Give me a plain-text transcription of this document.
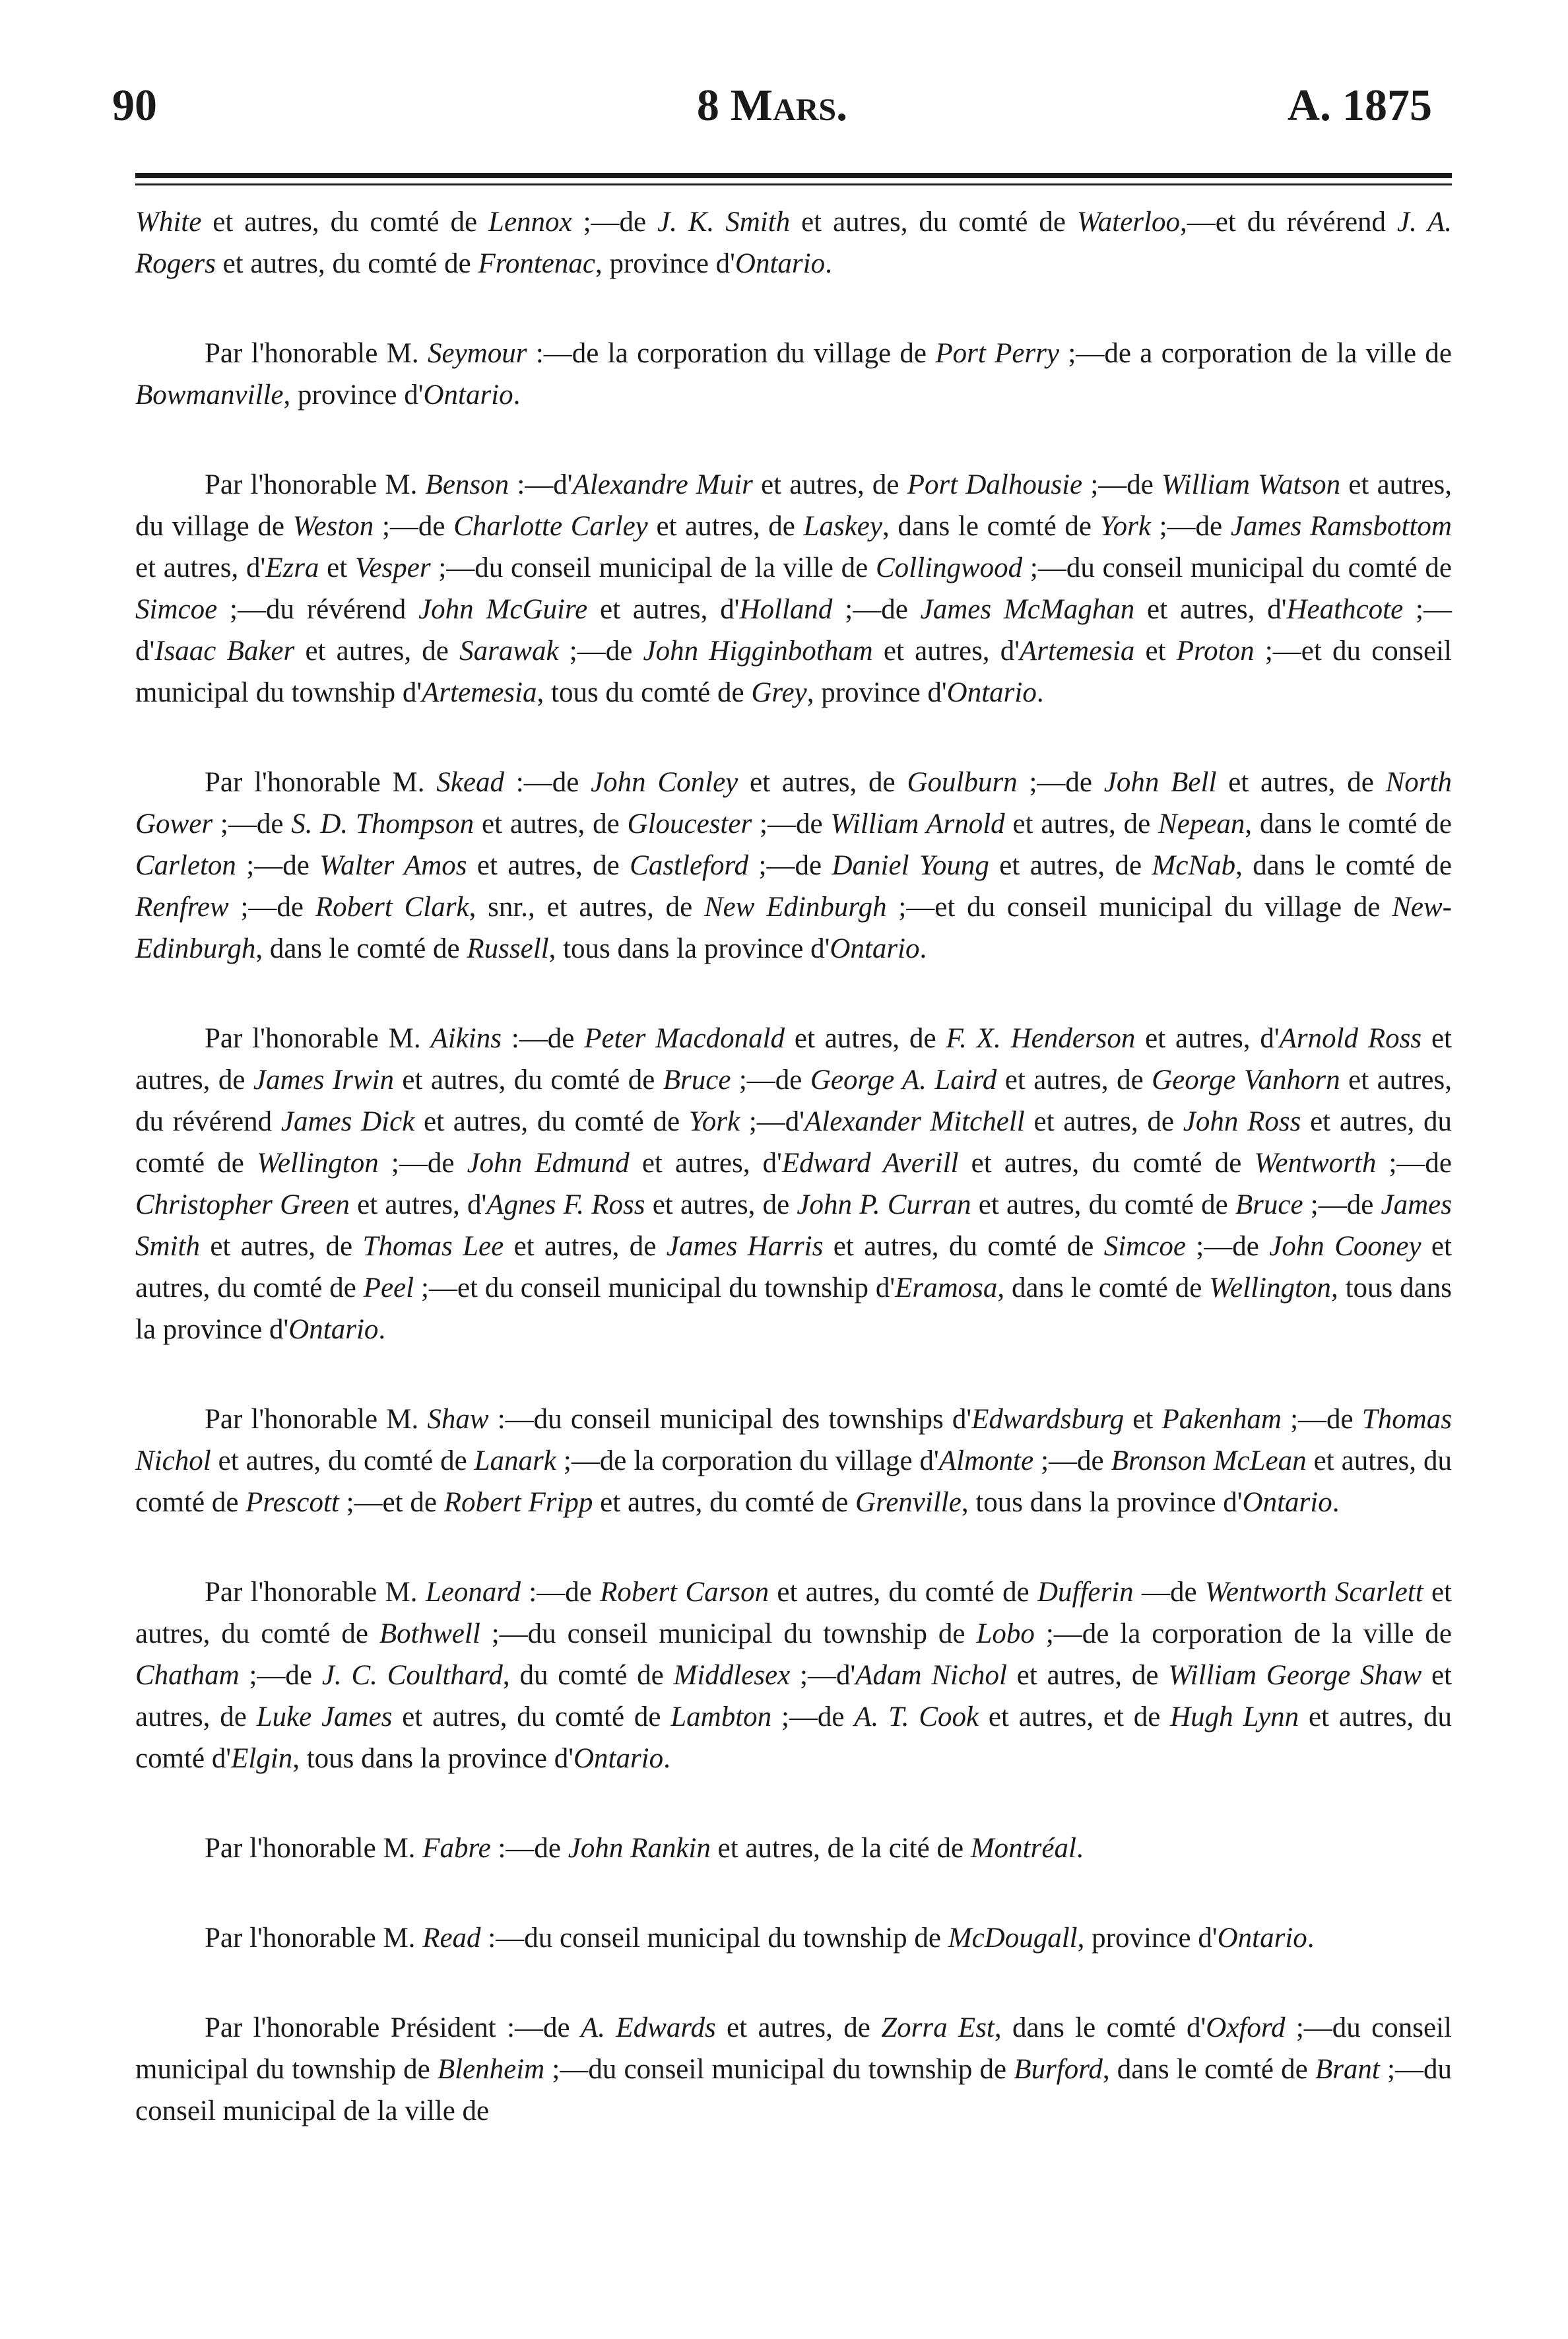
90	8 Mars.	A. 1875

White et autres, du comté de Lennox ;—de J. K. Smith et autres, du comté de Waterloo,—et du révérend J. A. Rogers et autres, du comté de Frontenac, province d'Ontario.

Par l'honorable M. Seymour :—de la corporation du village de Port Perry ;—de a corporation de la ville de Bowmanville, province d'Ontario.

Par l'honorable M. Benson :—d'Alexandre Muir et autres, de Port Dalhousie ;—de William Watson et autres, du village de Weston ;—de Charlotte Carley et autres, de Laskey, dans le comté de York ;—de James Ramsbottom et autres, d'Ezra et Vesper ;—du conseil municipal de la ville de Collingwood ;—du conseil municipal du comté de Simcoe ;—du révérend John McGuire et autres, d'Holland ;—de James McMaghan et autres, d'Heathcote ;—d'Isaac Baker et autres, de Sarawak ;—de John Higginbotham et autres, d'Artemesia et Proton ;—et du conseil municipal du township d'Artemesia, tous du comté de Grey, province d'Ontario.

Par l'honorable M. Skead :—de John Conley et autres, de Goulburn ;—de John Bell et autres, de North Gower ;—de S. D. Thompson et autres, de Gloucester ;—de William Arnold et autres, de Nepean, dans le comté de Carleton ;—de Walter Amos et autres, de Castleford ;—de Daniel Young et autres, de McNab, dans le comté de Renfrew ;—de Robert Clark, snr., et autres, de New Edinburgh ;—et du conseil municipal du village de New-Edinburgh, dans le comté de Russell, tous dans la province d'Ontario.

Par l'honorable M. Aikins :—de Peter Macdonald et autres, de F. X. Henderson et autres, d'Arnold Ross et autres, de James Irwin et autres, du comté de Bruce ;—de George A. Laird et autres, de George Vanhorn et autres, du révérend James Dick et autres, du comté de York ;—d'Alexander Mitchell et autres, de John Ross et autres, du comté de Wellington ;—de John Edmund et autres, d'Edward Averill et autres, du comté de Wentworth ;—de Christopher Green et autres, d'Agnes F. Ross et autres, de John P. Curran et autres, du comté de Bruce ;—de James Smith et autres, de Thomas Lee et autres, de James Harris et autres, du comté de Simcoe ;—de John Cooney et autres, du comté de Peel ;—et du conseil municipal du township d'Eramosa, dans le comté de Wellington, tous dans la province d'Ontario.

Par l'honorable M. Shaw :—du conseil municipal des townships d'Edwardsburg et Pakenham ;—de Thomas Nichol et autres, du comté de Lanark ;—de la corporation du village d'Almonte ;—de Bronson McLean et autres, du comté de Prescott ;—et de Robert Fripp et autres, du comté de Grenville, tous dans la province d'Ontario.

Par l'honorable M. Leonard :—de Robert Carson et autres, du comté de Dufferin —de Wentworth Scarlett et autres, du comté de Bothwell ;—du conseil municipal du township de Lobo ;—de la corporation de la ville de Chatham ;—de J. C. Coulthard, du comté de Middlesex ;—d'Adam Nichol et autres, de William George Shaw et autres, de Luke James et autres, du comté de Lambton ;—de A. T. Cook et autres, et de Hugh Lynn et autres, du comté d'Elgin, tous dans la province d'Ontario.

Par l'honorable M. Fabre :—de John Rankin et autres, de la cité de Montréal.

Par l'honorable M. Read :—du conseil municipal du township de McDougall, province d'Ontario.

Par l'honorable Président :—de A. Edwards et autres, de Zorra Est, dans le comté d'Oxford ;—du conseil municipal du township de Blenheim ;—du conseil municipal du township de Burford, dans le comté de Brant ;—du conseil municipal de la ville de
